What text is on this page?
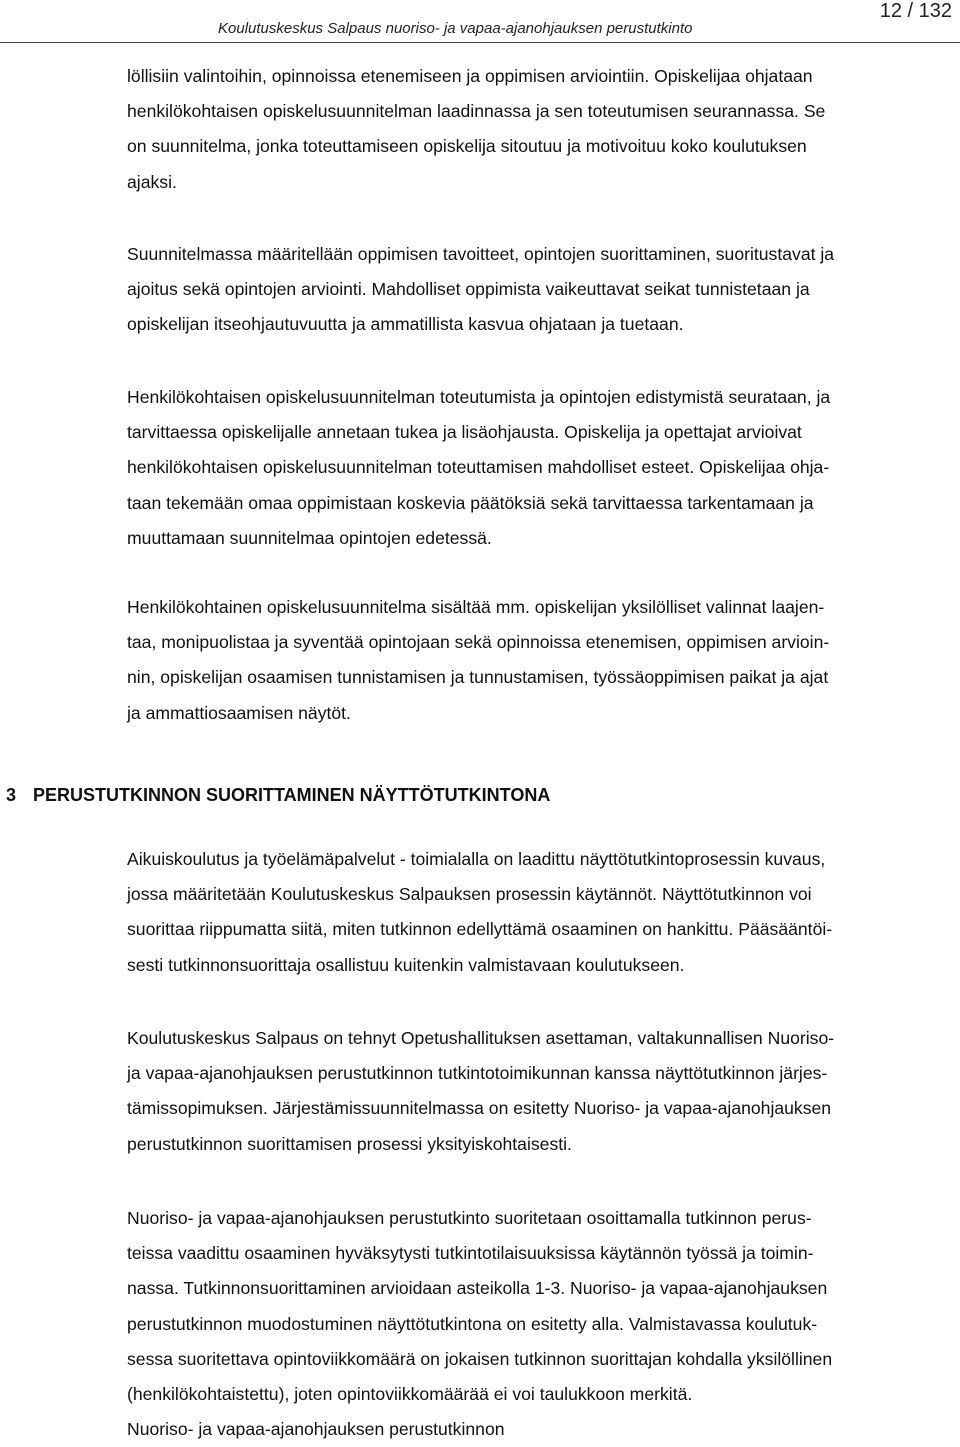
Koulutuskeskus Salpaus nuoriso- ja vapaa-ajanohjauksen perustutkinto
12 / 132
löllisiin valintoihin, opinnoissa etenemiseen ja oppimisen arviointiin. Opiskelijaa ohjataan
henkilökohtaisen opiskelusuunnitelman laadinnassa ja sen toteutumisen seurannassa. Se
on suunnitelma, jonka toteuttamiseen opiskelija sitoutuu ja motivoituu koko koulutuksen
ajaksi.
Suunnitelmassa määritellään oppimisen tavoitteet, opintojen suorittaminen, suoritustavat ja
ajoitus sekä opintojen arviointi. Mahdolliset oppimista vaikeuttavat seikat tunnistetaan ja
opiskelijan itseohjautuvuutta ja ammatillista kasvua ohjataan ja tuetaan.
Henkilökohtaisen opiskelusuunnitelman toteutumista ja opintojen edistymistä seurataan, ja
tarvittaessa opiskelijalle annetaan tukea ja lisäohjausta. Opiskelija ja opettajat arvioivat
henkilökohtaisen opiskelusuunnitelman toteuttamisen mahdolliset esteet. Opiskelijaa ohja-
taan tekemään omaa oppimistaan koskevia päätöksiä sekä tarvittaessa tarkentamaan ja
muuttamaan suunnitelmaa opintojen edetessä.
Henkilökohtainen opiskelusuunnitelma sisältää mm. opiskelijan yksilölliset valinnat laajen-
taa, monipuolistaa ja syventää opintojaan sekä opinnoissa etenemisen, oppimisen arvioin-
nin, opiskelijan osaamisen tunnistamisen ja tunnustamisen, työssäoppimisen paikat ja ajat
ja ammattiosaamisen näytöt.
3 PERUSTUTKINNON SUORITTAMINEN NÄYTTÖTUTKINTONA
Aikuiskoulutus ja työelämäpalvelut - toimialalla on laadittu näyttötutkintoprosessin kuvaus,
jossa määritetään Koulutuskeskus Salpauksen prosessin käytännöt. Näyttötutkinnon voi
suorittaa riippumatta siitä, miten tutkinnon edellyttämä osaaminen on hankittu. Pääsääntöi-
sesti tutkinnonsuorittaja osallistuu kuitenkin valmistavaan koulutukseen.
Koulutuskeskus Salpaus on tehnyt Opetushallituksen asettaman, valtakunnallisen Nuoriso-
ja vapaa-ajanohjauksen perustutkinnon tutkintotoimikunnan kanssa näyttötutkinnon järjes-
tämissopimuksen. Järjestämissuunnitelmassa on esitetty Nuoriso- ja vapaa-ajanohjauksen
perustutkinnon suorittamisen prosessi yksityiskohtaisesti.
Nuoriso- ja vapaa-ajanohjauksen perustutkinto suoritetaan osoittamalla tutkinnon perus-
teissa vaadittu osaaminen hyväksytysti tutkintotilaisuuksissa käytännön työssä ja toimin-
nassa. Tutkinnonsuorittaminen arvioidaan asteikolla 1-3. Nuoriso- ja vapaa-ajanohjauksen
perustutkinnon muodostuminen näyttötutkintona on esitetty alla. Valmistavassa koulutuk-
sessa suoritettava opintoviikkomäärä on jokaisen tutkinnon suorittajan kohdalla yksilöllinen
(henkilökohtaistettu), joten opintoviikkomäärää ei voi taulukkoon merkitä.
Nuoriso- ja vapaa-ajanohjauksen perustutkinnon
